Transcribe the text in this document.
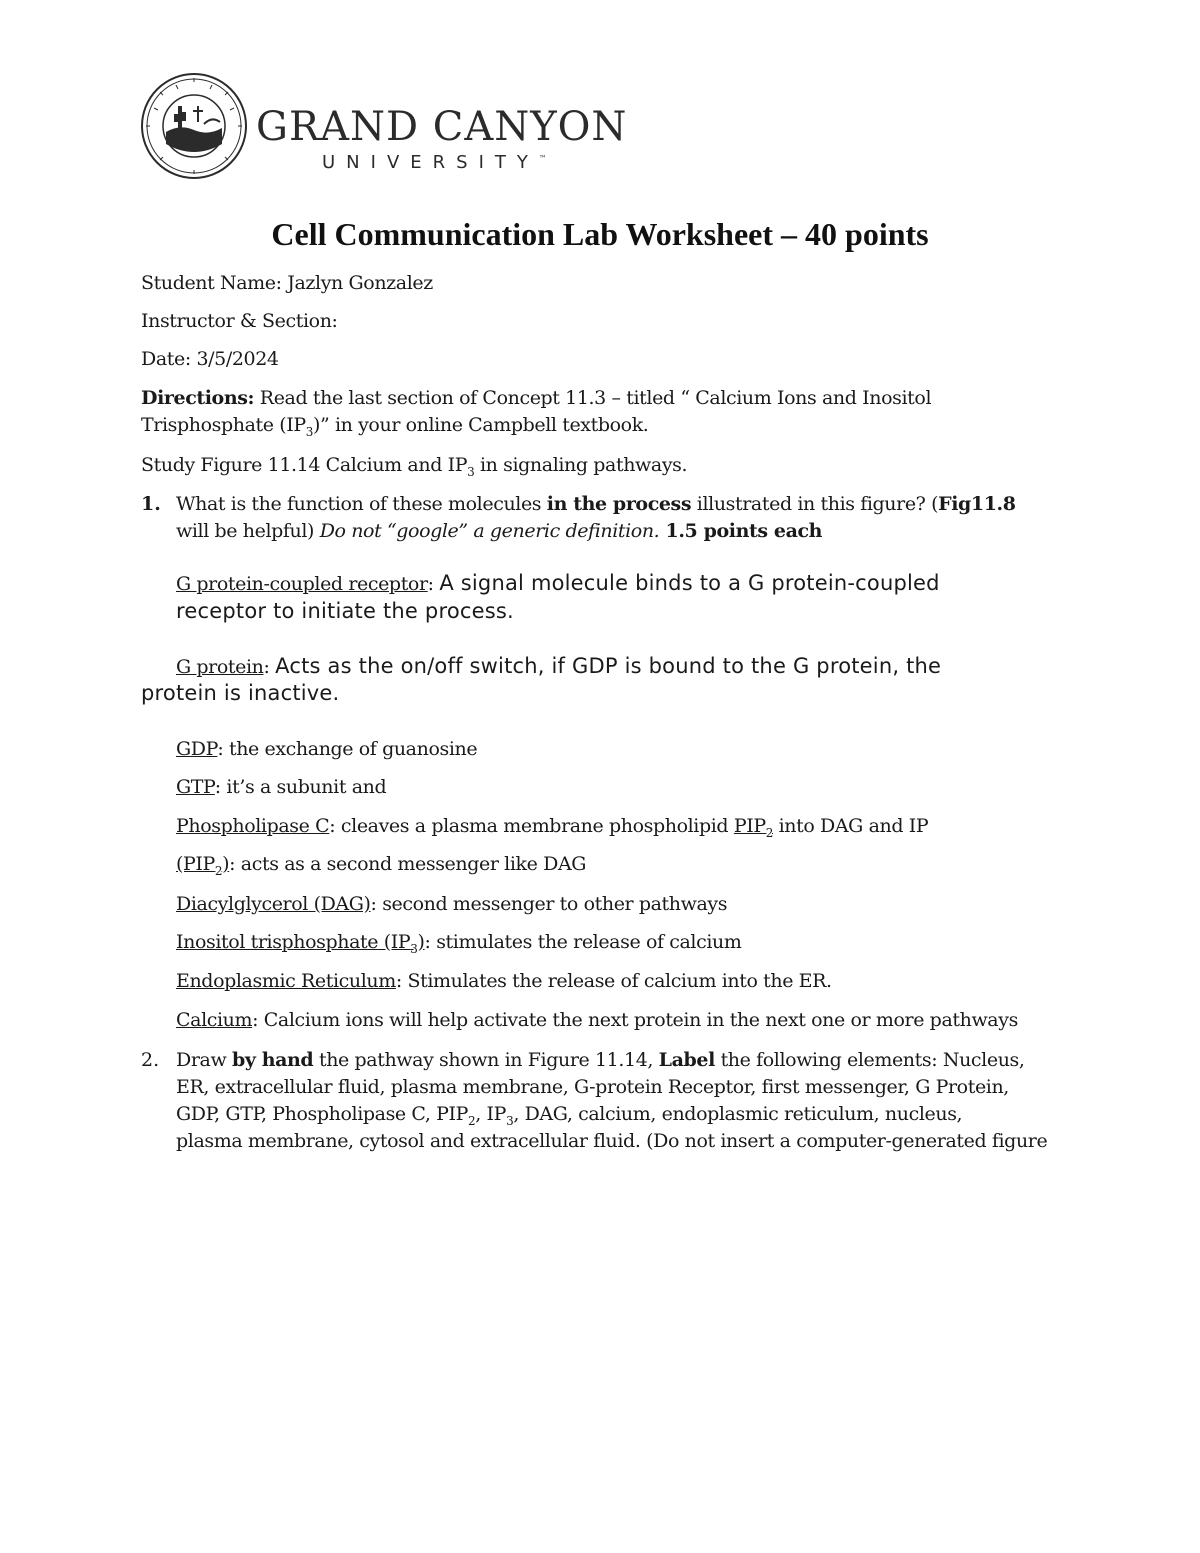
GRAND CANYON
UNIVERSITY™
Cell Communication Lab Worksheet – 40 points
Student Name: Jazlyn Gonzalez
Instructor & Section:
Date: 3/5/2024
Directions: Read the last section of Concept 11.3 – titled “ Calcium Ions and Inositol
Trisphosphate $(IP_3)$” in your online Campbell textbook.
Study Figure 11.14 Calcium and $IP_3$ in signaling pathways.
1. What is the function of these molecules in the process illustrated in this figure? (Fig11.8
will be helpful) Do not “google” a generic definition. 1.5 points each
G protein-coupled receptor: A signal molecule binds to a G protein-coupled
receptor to initiate the process.
G protein: Acts as the on/off switch, if GDP is bound to the G protein, the
protein is inactive.
GDP: the exchange of guanosine
GTP: it’s a subunit and
Phospholipase C: cleaves a plasma membrane phospholipid $PIP_2$ into DAG and IP
$(PIP_2)$: acts as a second messenger like DAG
Diacylglycerol (DAG): second messenger to other pathways
Inositol trisphosphate $(IP_3)$: stimulates the release of calcium
Endoplasmic Reticulum: Stimulates the release of calcium into the ER.
Calcium: Calcium ions will help activate the next protein in the next one or more pathways
2. Draw by hand the pathway shown in Figure 11.14, Label the following elements: Nucleus,
ER, extracellular fluid, plasma membrane, G-protein Receptor, first messenger, G Protein,
GDP, GTP, Phospholipase C, $PIP_2$, $IP_3$, DAG, calcium, endoplasmic reticulum, nucleus,
plasma membrane, cytosol and extracellular fluid. (Do not insert a computer-generated figure
